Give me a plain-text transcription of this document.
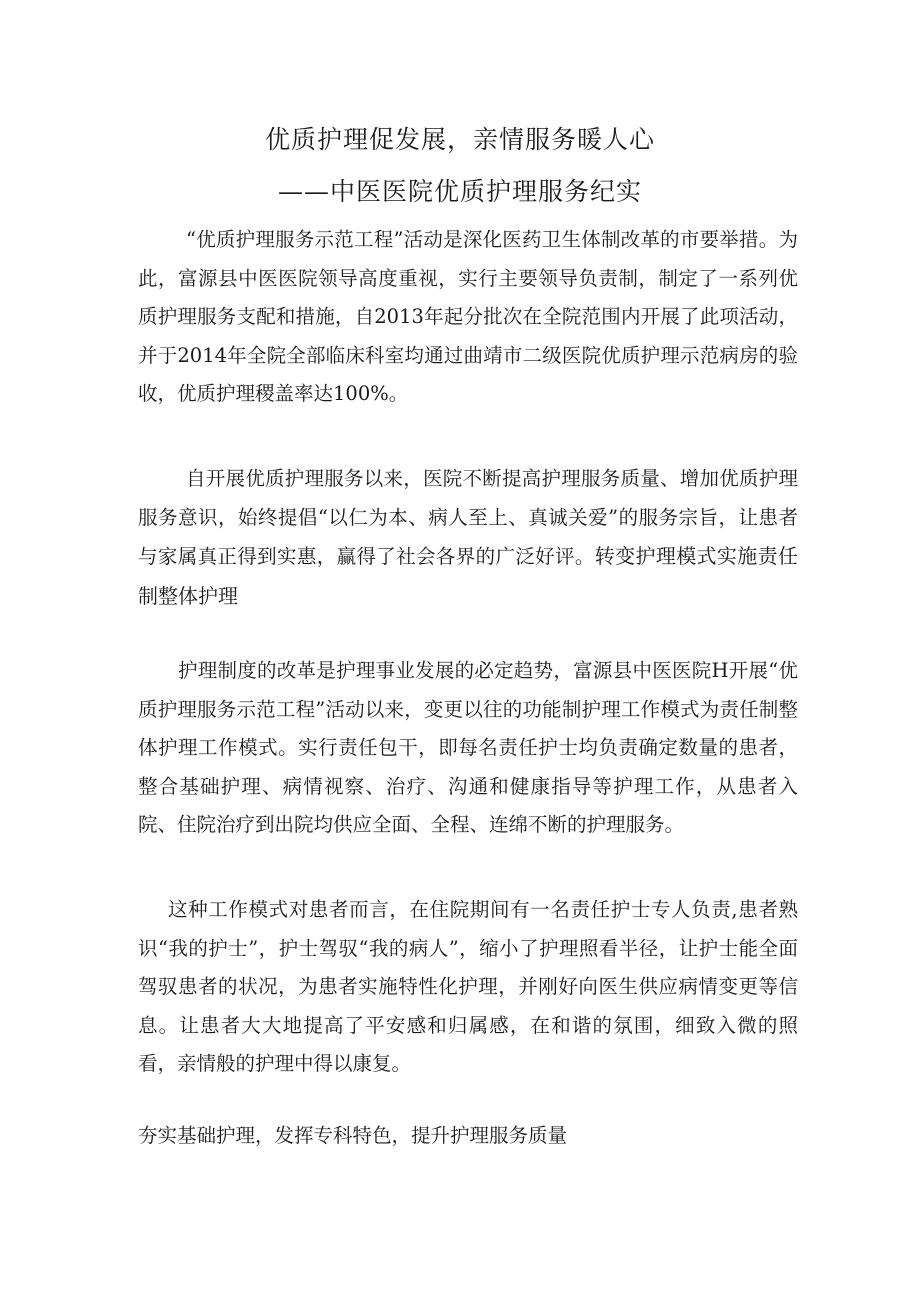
优质护理促发展，亲情服务暖人心
——中医医院优质护理服务纪实

“优质护理服务示范工程”活动是深化医药卫生体制改革的市要举措。为此，富源县中医医院领导高度重视，实行主要领导负责制，制定了一系列优质护理服务支配和措施，自2013年起分批次在全院范围内开展了此项活动，并于2014年全院全部临床科室均通过曲靖市二级医院优质护理示范病房的验收，优质护理稷盖率达100%。

自开展优质护理服务以来，医院不断提高护理服务质量、增加优质护理服务意识，始终提倡“以仁为本、病人至上、真诚关爱”的服务宗旨，让患者与家属真正得到实惠，赢得了社会各界的广泛好评。转变护理模式实施责任制整体护理

护理制度的改革是护理事业发展的必定趋势，富源县中医医院H开展“优质护理服务示范工程”活动以来，变更以往的功能制护理工作模式为责任制整体护理工作模式。实行责任包干，即每名责任护士均负责确定数量的患者，整合基础护理、病情视察、治疗、沟通和健康指导等护理工作，从患者入院、住院治疗到出院均供应全面、全程、连绵不断的护理服务。

这种工作模式对患者而言，在住院期间有一名责任护士专人负责,患者熟识“我的护士”，护士驾驭“我的病人”，缩小了护理照看半径，让护士能全面驾驭患者的状况，为患者实施特性化护理，并刚好向医生供应病情变更等信息。让患者大大地提高了平安感和归属感，在和谐的氛围，细致入微的照看，亲情般的护理中得以康复。

夯实基础护理，发挥专科特色，提升护理服务质量
